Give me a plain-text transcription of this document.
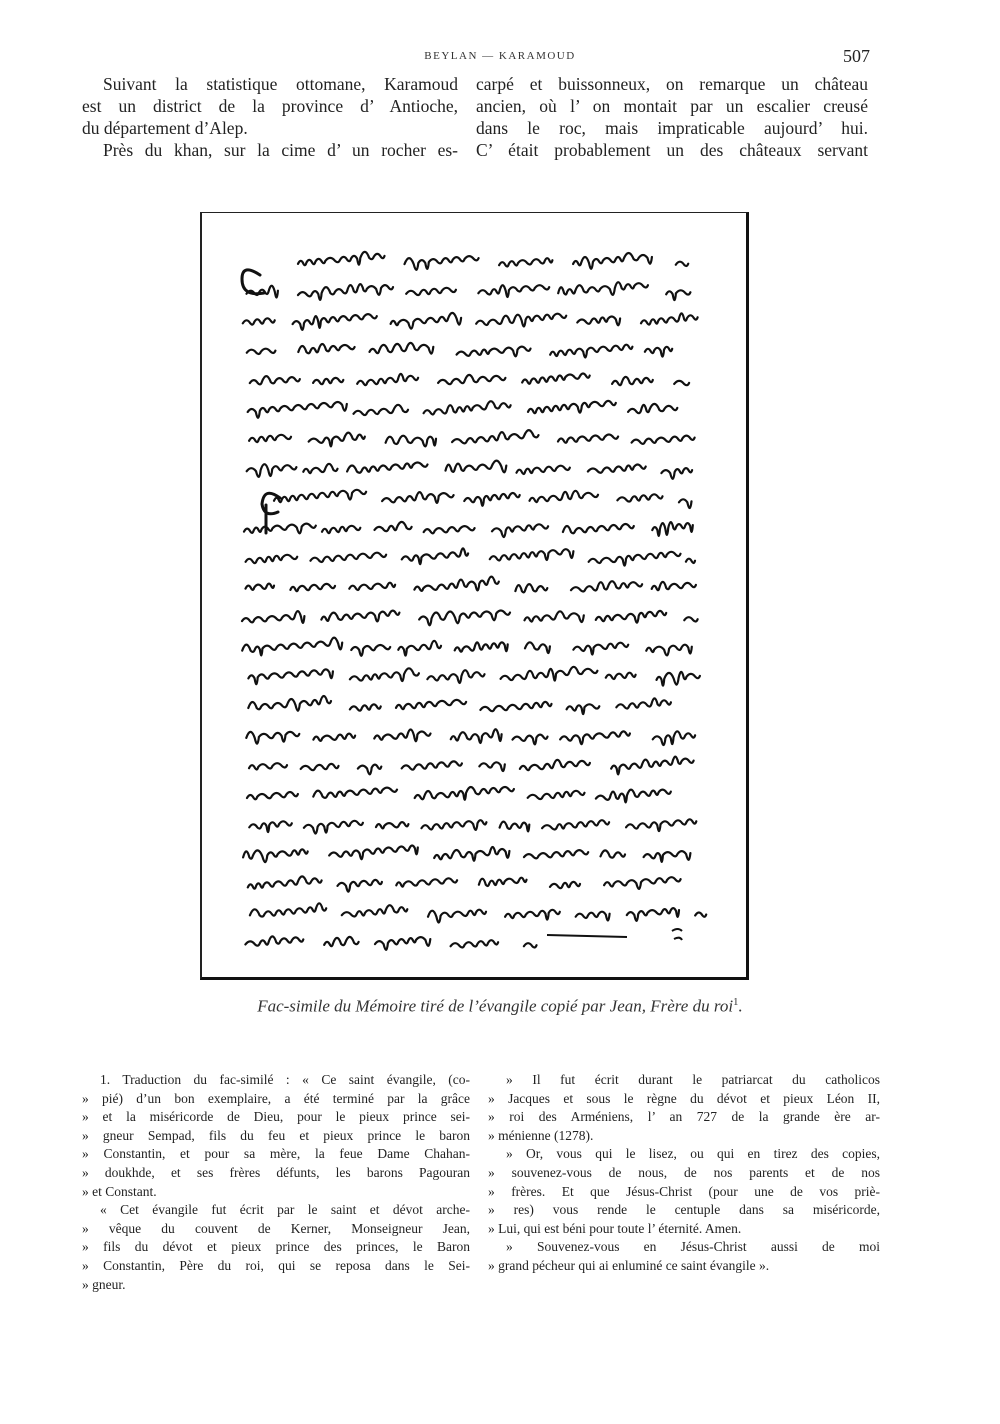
BEYLAN — KARAMOUD	507

Suivant la statistique ottomane, Karamoud

est un district de la province d’ Antioche,

du département d’Alep.

Près du khan, sur la cime d’ un rocher es-

carpé et buissonneux, on remarque un château

ancien, où l’ on montait par un escalier creusé

dans le roc, mais impraticable aujourd’ hui.

C’ était probablement un des châteaux servant

Fac-simile du Mémoire tiré de l’évangile copié par Jean, Frère du roi$^1$.

1. Traduction du fac-similé : « Ce saint évangile, (co-

» pié) d’un bon exemplaire, a été terminé par la grâce

» et la miséricorde de Dieu, pour le pieux prince sei-

» gneur Sempad, fils du feu et pieux prince le baron

» Constantin, et pour sa mère, la feue Dame Chahan-

» doukhde, et ses frères défunts, les barons Pagouran

» et Constant.

« Cet évangile fut écrit par le saint et dévot arche-

» vêque du couvent de Kerner, Monseigneur Jean,

» fils du dévot et pieux prince des princes, le Baron

» Constantin, Père du roi, qui se reposa dans le Sei-

» gneur.

» Il fut écrit durant le patriarcat du catholicos

» Jacques et sous le règne du dévot et pieux Léon II,

» roi des Arméniens, l’ an 727 de la grande ère ar-

» ménienne (1278).

» Or, vous qui le lisez, ou qui en tirez des copies,

» souvenez-vous de nous, de nos parents et de nos

» frères. Et que Jésus-Christ (pour une de vos priè-

» res) vous rende le centuple dans sa miséricorde,

» Lui, qui est béni pour toute l’ éternité. Amen.

» Souvenez-vous en Jésus-Christ aussi de moi

» grand pécheur qui ai enluminé ce saint évangile ».
